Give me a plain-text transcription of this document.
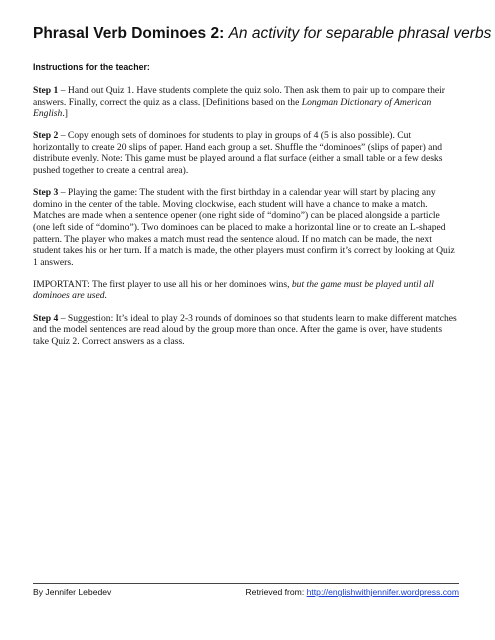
Phrasal Verb Dominoes 2: An activity for separable phrasal verbs
Instructions for the teacher:

Step 1 – Hand out Quiz 1. Have students complete the quiz solo. Then ask them to pair up to compare their answers. Finally, correct the quiz as a class. [Definitions based on the Longman Dictionary of American English.]

Step 2 – Copy enough sets of dominoes for students to play in groups of 4 (5 is also possible). Cut horizontally to create 20 slips of paper. Hand each group a set. Shuffle the “dominoes” (slips of paper) and distribute evenly. Note: This game must be played around a flat surface (either a small table or a few desks pushed together to create a central area).

Step 3 – Playing the game: The student with the first birthday in a calendar year will start by placing any domino in the center of the table. Moving clockwise, each student will have a chance to make a match. Matches are made when a sentence opener (one right side of “domino”) can be placed alongside a particle (one left side of “domino”). Two dominoes can be placed to make a horizontal line or to create an L-shaped pattern. The player who makes a match must read the sentence aloud. If no match can be made, the next student takes his or her turn. If a match is made, the other players must confirm it’s correct by looking at Quiz 1 answers.

IMPORTANT: The first player to use all his or her dominoes wins, but the game must be played until all dominoes are used.

Step 4 – Suggestion: It’s ideal to play 2-3 rounds of dominoes so that students learn to make different matches and the model sentences are read aloud by the group more than once. After the game is over, have students take Quiz 2. Correct answers as a class.

By Jennifer Lebedev	Retrieved from: http://englishwithjennifer.wordpress.com
